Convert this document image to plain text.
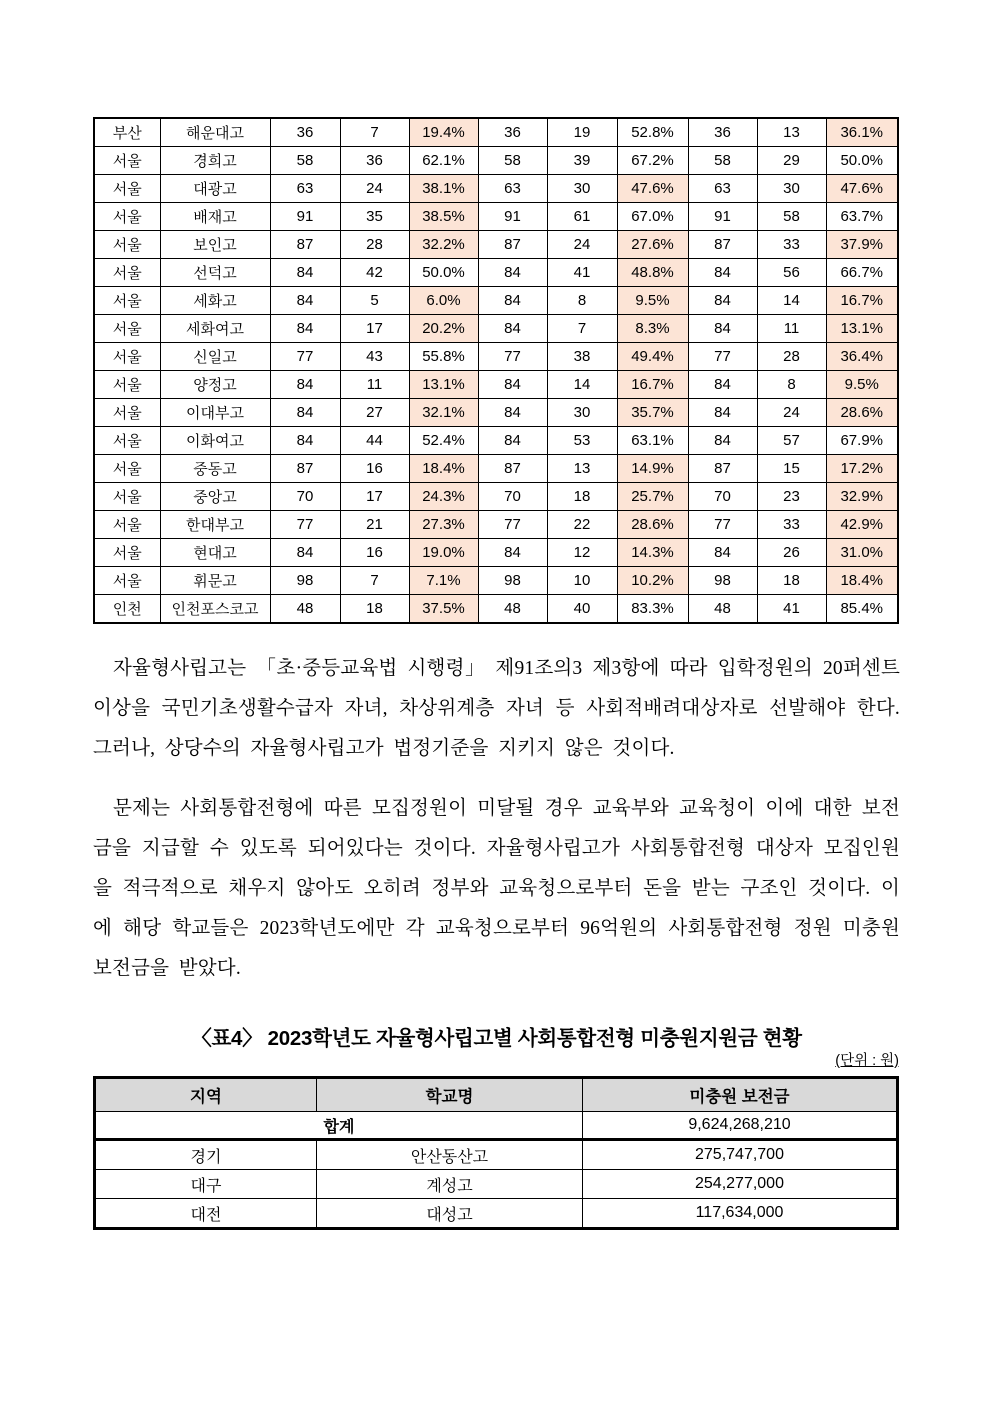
부산	해운대고	36	7	19.4%	36	19	52.8%	36	13	36.1%
서울	경희고	58	36	62.1%	58	39	67.2%	58	29	50.0%
서울	대광고	63	24	38.1%	63	30	47.6%	63	30	47.6%
서울	배재고	91	35	38.5%	91	61	67.0%	91	58	63.7%
서울	보인고	87	28	32.2%	87	24	27.6%	87	33	37.9%
서울	선덕고	84	42	50.0%	84	41	48.8%	84	56	66.7%
서울	세화고	84	5	6.0%	84	8	9.5%	84	14	16.7%
서울	세화여고	84	17	20.2%	84	7	8.3%	84	11	13.1%
서울	신일고	77	43	55.8%	77	38	49.4%	77	28	36.4%
서울	양정고	84	11	13.1%	84	14	16.7%	84	8	9.5%
서울	이대부고	84	27	32.1%	84	30	35.7%	84	24	28.6%
서울	이화여고	84	44	52.4%	84	53	63.1%	84	57	67.9%
서울	중동고	87	16	18.4%	87	13	14.9%	87	15	17.2%
서울	중앙고	70	17	24.3%	70	18	25.7%	70	23	32.9%
서울	한대부고	77	21	27.3%	77	22	28.6%	77	33	42.9%
서울	현대고	84	16	19.0%	84	12	14.3%	84	26	31.0%
서울	휘문고	98	7	7.1%	98	10	10.2%	98	18	18.4%
인천	인천포스코고	48	18	37.5%	48	40	83.3%	48	41	85.4%

자율형사립고는 「초·중등교육법 시행령」 제91조의3 제3항에 따라 입학정원의 20퍼센트 이상을 국민기초생활수급자 자녀, 차상위계층 자녀 등 사회적배려대상자로 선발해야 한다. 그러나, 상당수의 자율형사립고가 법정기준을 지키지 않은 것이다.

문제는 사회통합전형에 따른 모집정원이 미달될 경우 교육부와 교육청이 이에 대한 보전금을 지급할 수 있도록 되어있다는 것이다. 자율형사립고가 사회통합전형 대상자 모집인원을 적극적으로 채우지 않아도 오히려 정부와 교육청으로부터 돈을 받는 구조인 것이다. 이에 해당 학교들은 2023학년도에만 각 교육청으로부터 96억원의 사회통합전형 정원 미충원 보전금을 받았다.

〈표4〉 2023학년도 자율형사립고별 사회통합전형 미충원지원금 현황
(단위 : 원)
지역	학교명	미충원 보전금
합계		9,624,268,210
경기	안산동산고	275,747,700
대구	계성고	254,277,000
대전	대성고	117,634,000
